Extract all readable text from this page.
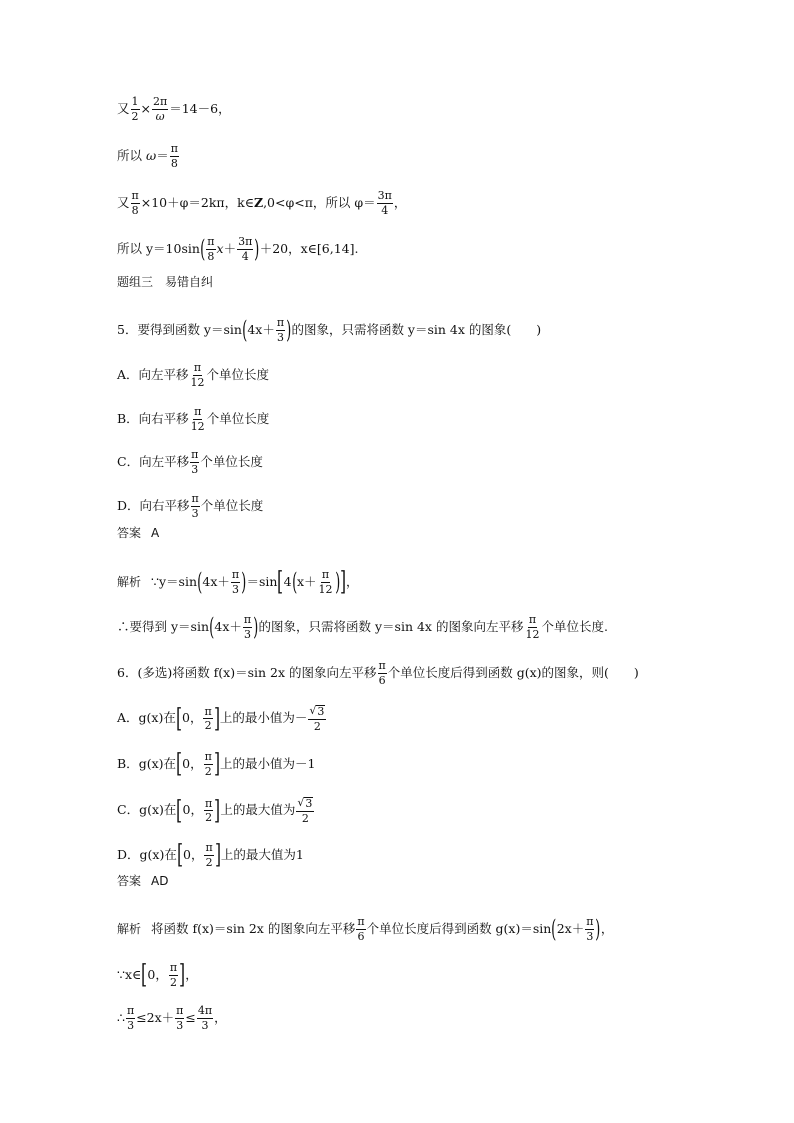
又 $\frac{1}{2} \times \frac{2\pi}{\omega} =14-6$，
所以
$\omega = \frac{\pi}{8}$
又 $\frac{\pi}{8} \times 10+\varphi=2k\pi$，k∈ Z ,0<φ<π，所以 $\varphi= \frac{3\pi}{4}$ ，
所以 y＝10sin ( $\frac{\pi}{8}$ $x + \frac{3\pi}{4}$ ) ＋20，x∈[6,14].
题组三　易错自纠
5．要得到函数 y＝sin ( $4x+ \frac{\pi}{3}$ ) 的图象，只需将函数 y＝sin 4x 的图象(　　)
A．向左平移 $\frac{\pi}{12}$ 个单位长度
B．向右平移 $\frac{\pi}{12}$ 个单位长度
C．向左平移 $\frac{\pi}{3}$ 个单位长度
D．向右平移 $\frac{\pi}{3}$ 个单位长度
答案 A
解析 ∵y＝sin ( $4x+ \frac{\pi}{3}$ ) ＝sin [ 4 ( $x+ \frac{\pi}{12}$ ) ] ，
∴要得到 y＝sin ( $4x+ \frac{\pi}{3}$ ) 的图象，只需将函数 y＝sin 4x 的图象向左平移 $\frac{\pi}{12}$ 个单位长度.
6．(多选)将函数 f(x)＝sin 2x 的图象向左平移 $\frac{\pi}{6}$ 个单位长度后得到函数 g(x)的图象，则(　　)
A． g(x)在 [ 0， $\frac{\pi}{2}$ ] 上的最小值为 － $\frac{√ 3}{2}$
B． g(x)在 [ 0， $\frac{\pi}{2}$ ] 上的最小值为 －1
C． g(x)在 [ 0， $\frac{\pi}{2}$ ] 上的最大值为 $\frac{√ 3}{2}$
D． g(x)在 [ 0， $\frac{\pi}{2}$ ] 上的最大值为 1
答案 AD
解析 将函数 f(x)＝sin 2x 的图象向左平移 $\frac{\pi}{6}$ 个单位长度后得到函数 g(x)＝sin ( $2x+ \frac{\pi}{3}$ ) ，
∵x∈ [ 0， $\frac{\pi}{2}$ ] ，
∴ $\frac{\pi}{3} \le 2x+ \frac{\pi}{3} \le \frac{4\pi}{3}$ ，
